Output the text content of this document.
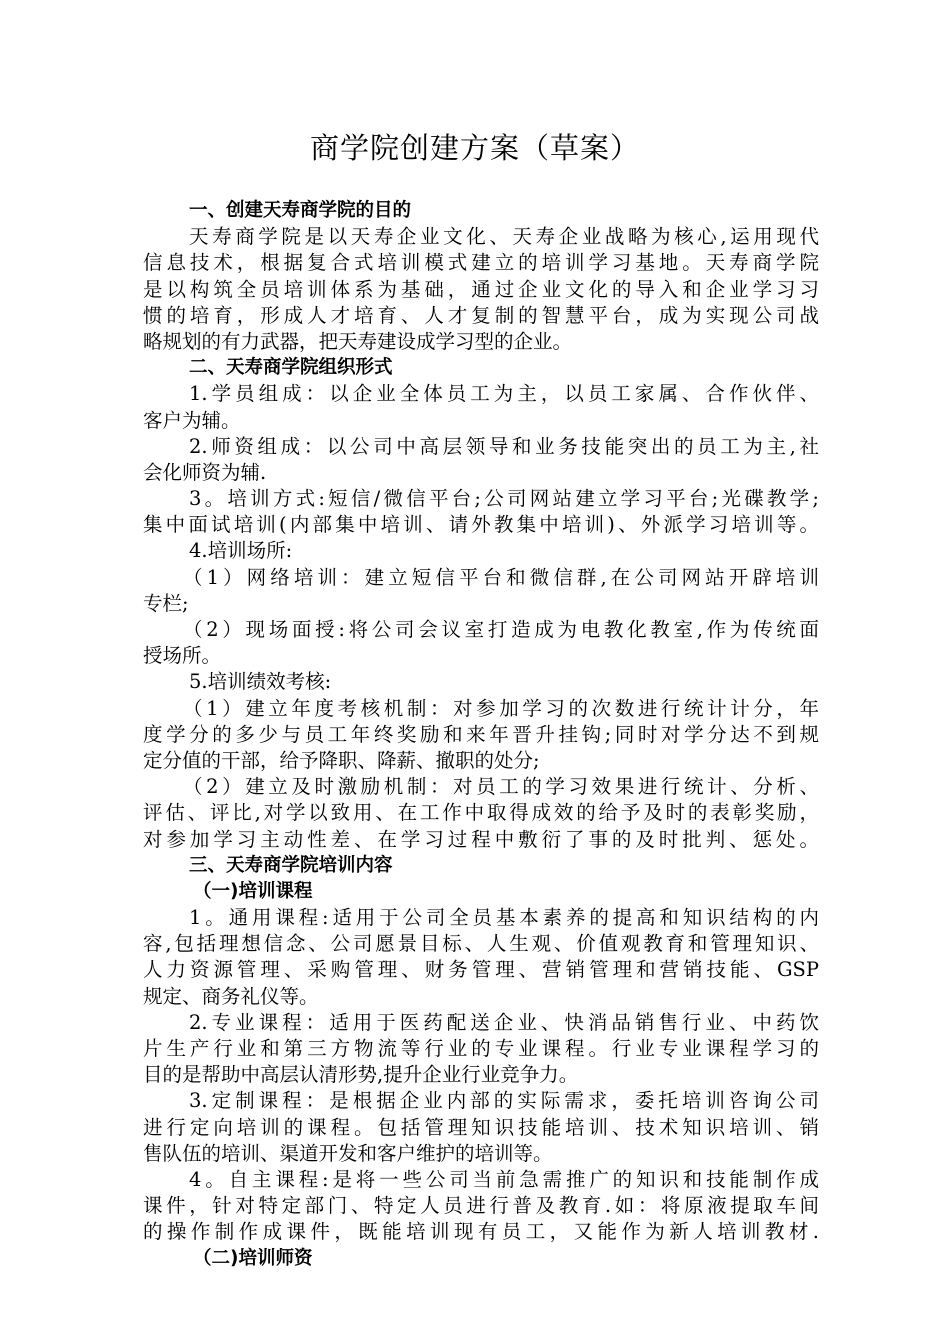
商学院创建方案（草案）
一、创建天寿商学院的目的
天寿商学院是以天寿企业文化、天寿企业战略为核心,运用现代
信息技术，根据复合式培训模式建立的培训学习基地。天寿商学院
是以构筑全员培训体系为基础，通过企业文化的导入和企业学习习
惯的培育，形成人才培育、人才复制的智慧平台，成为实现公司战
略规划的有力武器，把天寿建设成学习型的企业。
二、天寿商学院组织形式
1.学员组成：以企业全体员工为主，以员工家属、合作伙伴、
客户为辅。
2.师资组成：以公司中高层领导和业务技能突出的员工为主,社
会化师资为辅.
3。培训方式:短信/微信平台;公司网站建立学习平台;光碟教学;
集中面试培训(内部集中培训、请外教集中培训)、外派学习培训等。
4.培训场所:
（1）网络培训：建立短信平台和微信群,在公司网站开辟培训
专栏;
（2）现场面授:将公司会议室打造成为电教化教室,作为传统面
授场所。
5.培训绩效考核:
（1）建立年度考核机制：对参加学习的次数进行统计计分，年
度学分的多少与员工年终奖励和来年晋升挂钩;同时对学分达不到规
定分值的干部，给予降职、降薪、撤职的处分;
（2）建立及时激励机制：对员工的学习效果进行统计、分析、
评估、评比,对学以致用、在工作中取得成效的给予及时的表彰奖励，
对参加学习主动性差、在学习过程中敷衍了事的及时批判、惩处。
三、天寿商学院培训内容
（一)培训课程
1。通用课程:适用于公司全员基本素养的提高和知识结构的内
容,包括理想信念、公司愿景目标、人生观、价值观教育和管理知识、
人力资源管理、采购管理、财务管理、营销管理和营销技能、GSP
规定、商务礼仪等。
2.专业课程：适用于医药配送企业、快消品销售行业、中药饮
片生产行业和第三方物流等行业的专业课程。行业专业课程学习的
目的是帮助中高层认清形势,提升企业行业竞争力。
3.定制课程：是根据企业内部的实际需求，委托培训咨询公司
进行定向培训的课程。包括管理知识技能培训、技术知识培训、销
售队伍的培训、渠道开发和客户维护的培训等。
4。自主课程:是将一些公司当前急需推广的知识和技能制作成
课件，针对特定部门、特定人员进行普及教育.如：将原液提取车间
的操作制作成课件，既能培训现有员工，又能作为新人培训教材.
（二)培训师资
